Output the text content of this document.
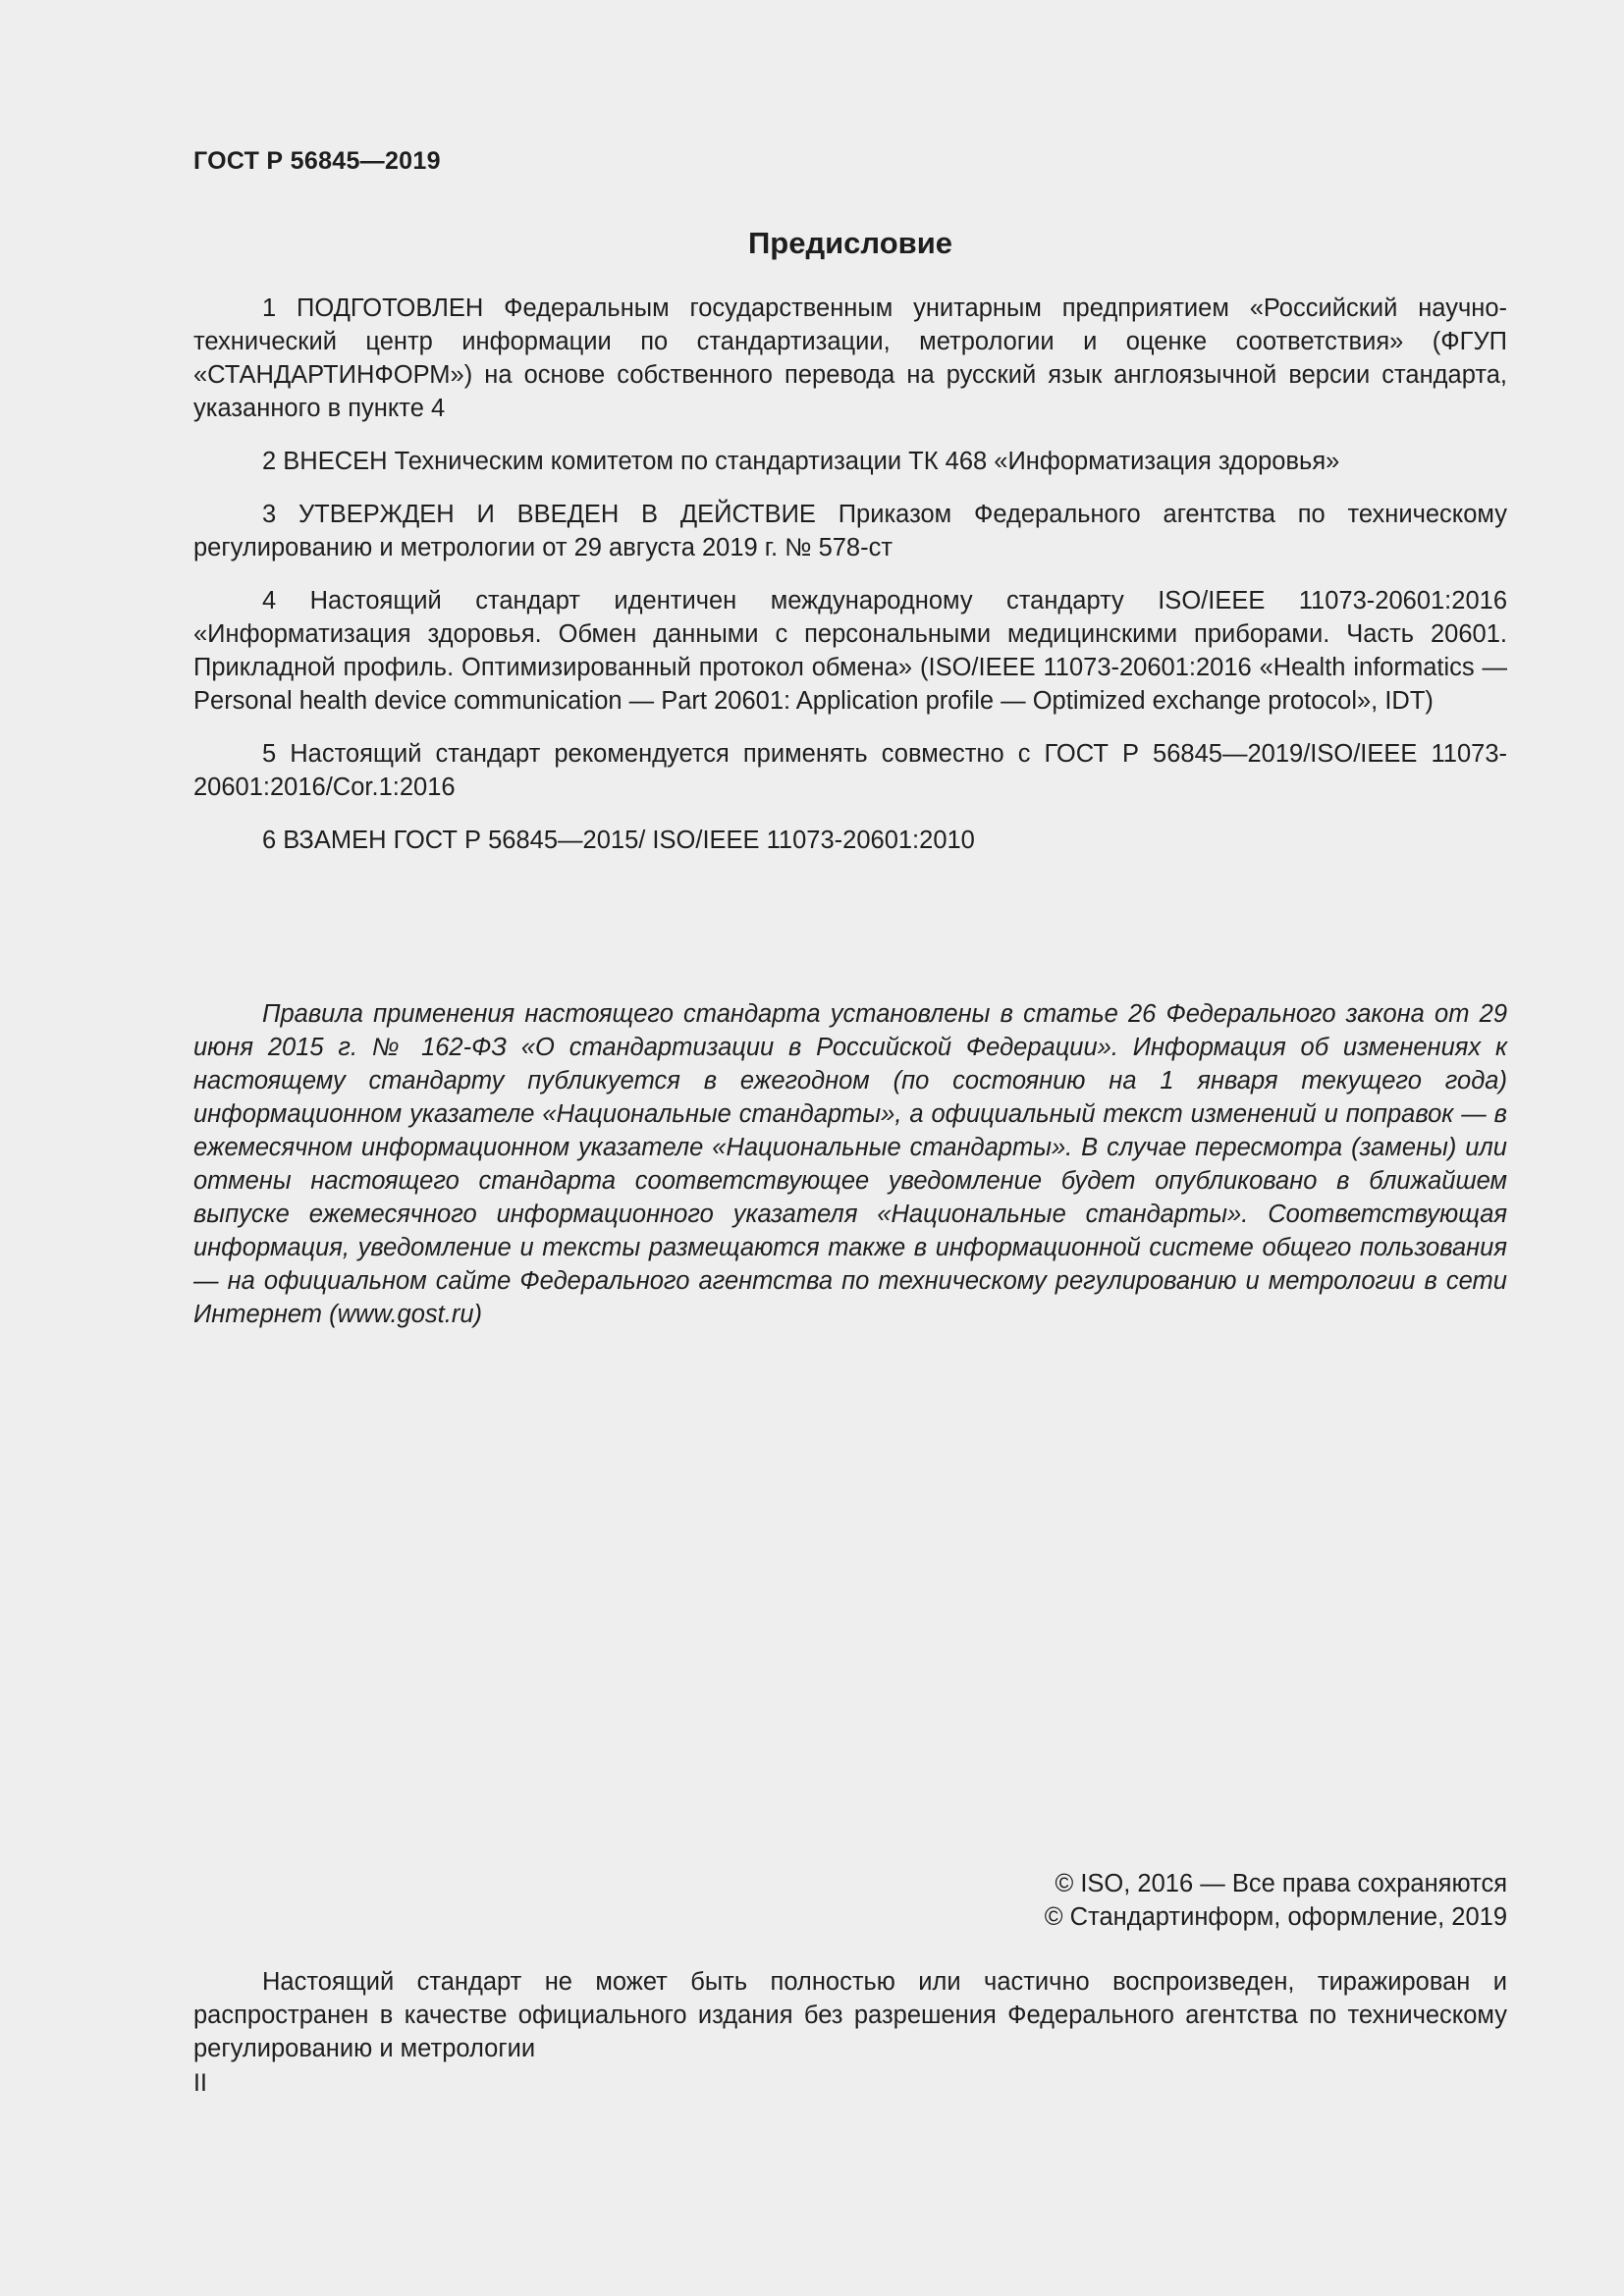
ГОСТ Р 56845—2019
Предисловие

1 ПОДГОТОВЛЕН Федеральным государственным унитарным предприятием «Российский научно-технический центр информации по стандартизации, метрологии и оценке соответствия» (ФГУП «СТАНДАРТИНФОРМ») на основе собственного перевода на русский язык англоязычной версии стандарта, указанного в пункте 4

2 ВНЕСЕН Техническим комитетом по стандартизации ТК 468 «Информатизация здоровья»

3 УТВЕРЖДЕН И ВВЕДЕН В ДЕЙСТВИЕ Приказом Федерального агентства по техническому регулированию и метрологии от 29 августа 2019 г. № 578-ст

4 Настоящий стандарт идентичен международному стандарту ISO/IEEE 11073-20601:2016 «Информатизация здоровья. Обмен данными с персональными медицинскими приборами. Часть 20601. Прикладной профиль. Оптимизированный протокол обмена» (ISO/IEEE 11073-20601:2016 «Health informatics — Personal health device communication — Part 20601: Application profile — Optimized exchange protocol», IDT)

5 Настоящий стандарт рекомендуется применять совместно с ГОСТ Р 56845—2019/ISO/IEEE 11073-20601:2016/Cor.1:2016

6 ВЗАМЕН ГОСТ Р 56845—2015/ ISO/IEEE 11073-20601:2010

Правила применения настоящего стандарта установлены в статье 26 Федерального закона от 29 июня 2015 г. № 162-ФЗ «О стандартизации в Российской Федерации». Информация об изменениях к настоящему стандарту публикуется в ежегодном (по состоянию на 1 января текущего года) информационном указателе «Национальные стандарты», а официальный текст изменений и поправок — в ежемесячном информационном указателе «Национальные стандарты». В случае пересмотра (замены) или отмены настоящего стандарта соответствующее уведомление будет опубликовано в ближайшем выпуске ежемесячного информационного указателя «Национальные стандарты». Соответствующая информация, уведомление и тексты размещаются также в информационной системе общего пользования — на официальном сайте Федерального агентства по техническому регулированию и метрологии в сети Интернет (www.gost.ru)

© ISO, 2016 — Все права сохраняются
© Стандартинформ, оформление, 2019

Настоящий стандарт не может быть полностью или частично воспроизведен, тиражирован и распространен в качестве официального издания без разрешения Федерального агентства по техническому регулированию и метрологии

II
